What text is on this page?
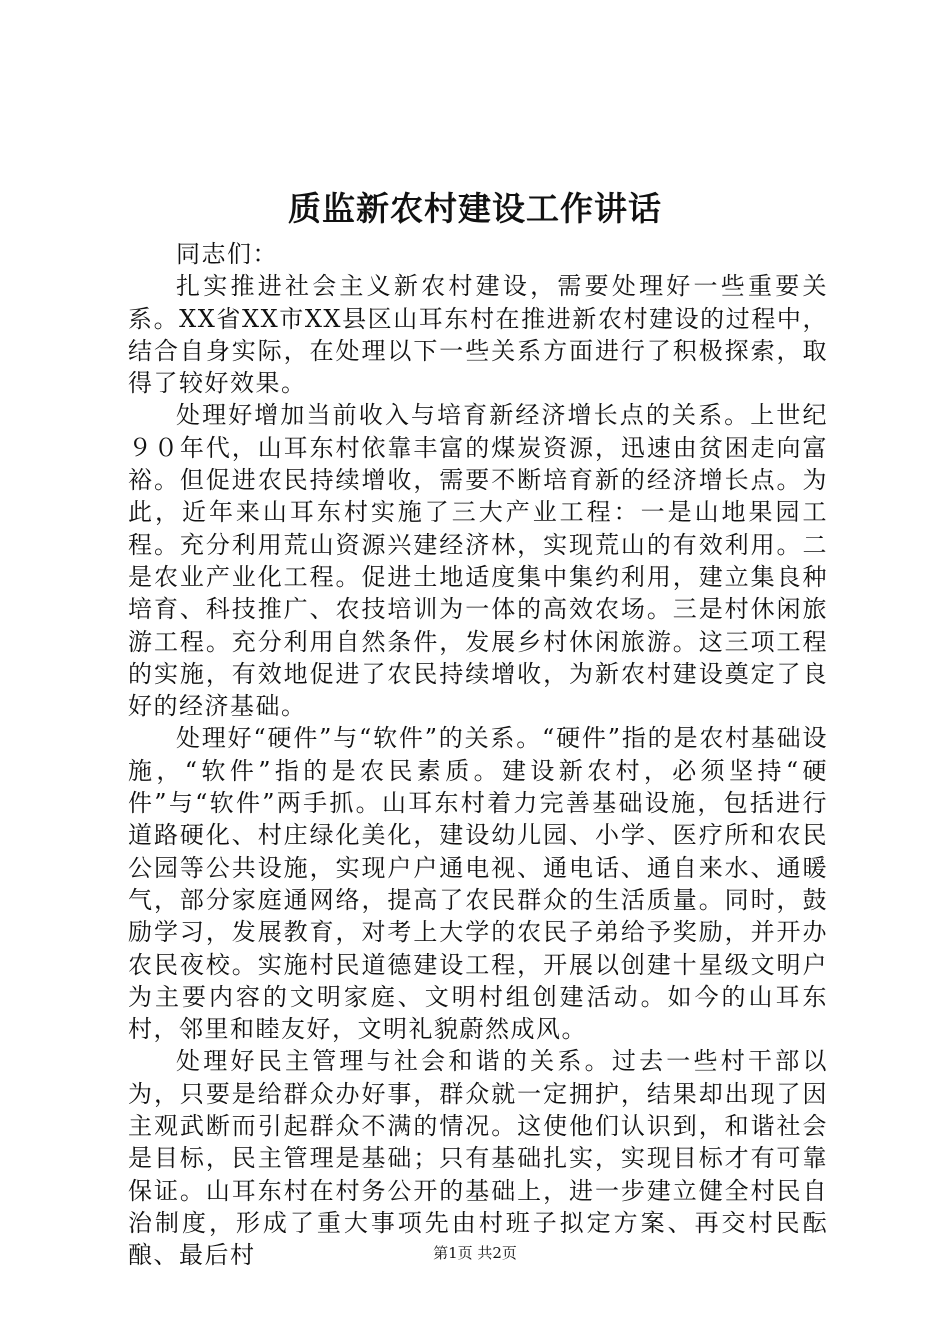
质监新农村建设工作讲话

同志们：

扎实推进社会主义新农村建设，需要处理好一些重要关系。XX省XX市XX县区山耳东村在推进新农村建设的过程中，结合自身实际，在处理以下一些关系方面进行了积极探索，取得了较好效果。

处理好增加当前收入与培育新经济增长点的关系。上世纪９０年代，山耳东村依靠丰富的煤炭资源，迅速由贫困走向富裕。但促进农民持续增收，需要不断培育新的经济增长点。为此，近年来山耳东村实施了三大产业工程：一是山地果园工程。充分利用荒山资源兴建经济林，实现荒山的有效利用。二是农业产业化工程。促进土地适度集中集约利用，建立集良种培育、科技推广、农技培训为一体的高效农场。三是村休闲旅游工程。充分利用自然条件，发展乡村休闲旅游。这三项工程的实施，有效地促进了农民持续增收，为新农村建设奠定了良好的经济基础。

处理好“硬件”与“软件”的关系。“硬件”指的是农村基础设施，“软件”指的是农民素质。建设新农村，必须坚持“硬件”与“软件”两手抓。山耳东村着力完善基础设施，包括进行道路硬化、村庄绿化美化，建设幼儿园、小学、医疗所和农民公园等公共设施，实现户户通电视、通电话、通自来水、通暖气，部分家庭通网络，提高了农民群众的生活质量。同时，鼓励学习，发展教育，对考上大学的农民子弟给予奖励，并开办农民夜校。实施村民道德建设工程，开展以创建十星级文明户为主要内容的文明家庭、文明村组创建活动。如今的山耳东村，邻里和睦友好，文明礼貌蔚然成风。

处理好民主管理与社会和谐的关系。过去一些村干部以为，只要是给群众办好事，群众就一定拥护，结果却出现了因主观武断而引起群众不满的情况。这使他们认识到，和谐社会是目标，民主管理是基础；只有基础扎实，实现目标才有可靠保证。山耳东村在村务公开的基础上，进一步建立健全村民自治制度，形成了重大事项先由村班子拟定方案、再交村民酝酿、最后村	第1页 共2页
